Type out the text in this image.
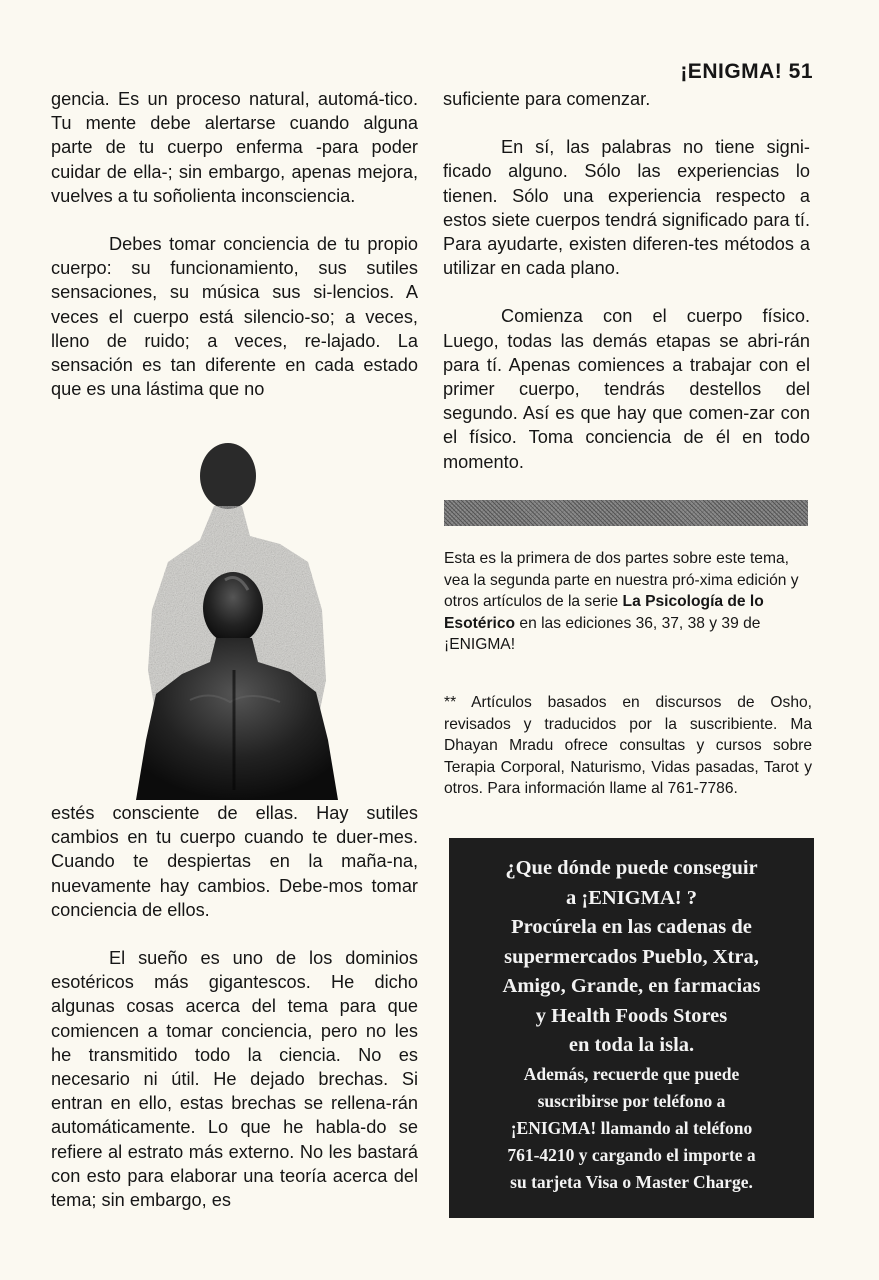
¡ENIGMA! 51

gencia. Es un proceso natural, automá-tico. Tu mente debe alertarse cuando alguna parte de tu cuerpo enferma -para poder cuidar de ella-; sin embargo, apenas mejora, vuelves a tu soñolienta inconsciencia.

Debes tomar conciencia de tu propio cuerpo: su funcionamiento, sus sutiles sensaciones, su música sus si-lencios. A veces el cuerpo está silencio-so; a veces, lleno de ruido; a veces, re-lajado. La sensación es tan diferente en cada estado que es una lástima que no

estés consciente de ellas. Hay sutiles cambios en tu cuerpo cuando te duer-mes. Cuando te despiertas en la maña-na, nuevamente hay cambios. Debe-mos tomar conciencia de ellos.

El sueño es uno de los dominios esotéricos más gigantescos. He dicho algunas cosas acerca del tema para que comiencen a tomar conciencia, pero no les he transmitido todo la ciencia. No es necesario ni útil. He dejado brechas. Si entran en ello, estas brechas se rellena-rán automáticamente. Lo que he habla-do se refiere al estrato más externo. No les bastará con esto para elaborar una teoría acerca del tema; sin embargo, es

suficiente para comenzar.

En sí, las palabras no tiene signi-ficado alguno. Sólo las experiencias lo tienen. Sólo una experiencia respecto a estos siete cuerpos tendrá significado para tí. Para ayudarte, existen diferen-tes métodos a utilizar en cada plano.

Comienza con el cuerpo físico. Luego, todas las demás etapas se abri-rán para tí. Apenas comiences a trabajar con el primer cuerpo, tendrás destellos del segundo. Así es que hay que comen-zar con el físico. Toma conciencia de él en todo momento.

Esta es la primera de dos partes sobre este tema, vea la segunda parte en nuestra pró-xima edición y otros artículos de la serie La Psicología de lo Esotérico en las ediciones 36, 37, 38 y 39 de ¡ENIGMA!

** Artículos basados en discursos de Osho, revisados y traducidos por la suscribiente. Ma Dhayan Mradu ofrece consultas y cursos sobre Terapia Corporal, Naturismo, Vidas pasadas, Tarot y otros. Para información llame al 761-7786.

¿Que dónde puede conseguir

a ¡ENIGMA! ?

Procúrela en las cadenas de

supermercados Pueblo, Xtra,

Amigo, Grande, en farmacias

y Health Foods Stores

en toda la isla.

Además, recuerde que puede

suscribirse por teléfono a

¡ENIGMA! llamando al teléfono

761-4210 y cargando el importe a

su tarjeta Visa o Master Charge.
